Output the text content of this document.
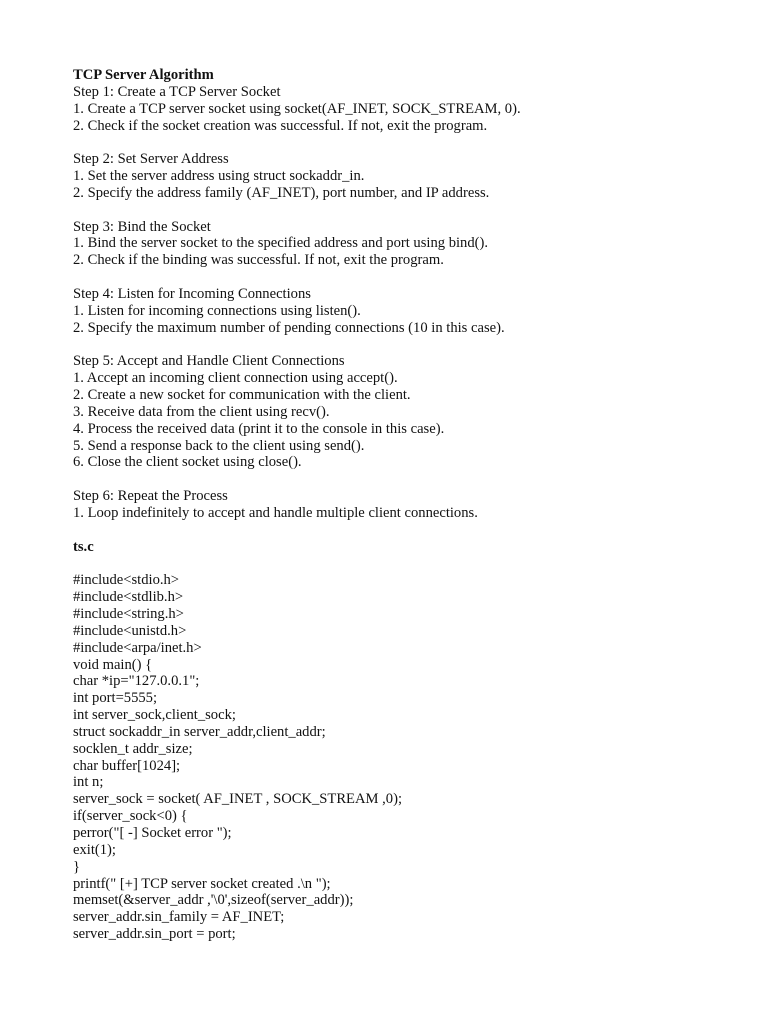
TCP Server Algorithm
Step 1: Create a TCP Server Socket
1. Create a TCP server socket using socket(AF_INET, SOCK_STREAM, 0).
2. Check if the socket creation was successful. If not, exit the program.
Step 2: Set Server Address
1. Set the server address using struct sockaddr_in.
2. Specify the address family (AF_INET), port number, and IP address.
Step 3: Bind the Socket
1. Bind the server socket to the specified address and port using bind().
2. Check if the binding was successful. If not, exit the program.
Step 4: Listen for Incoming Connections
1. Listen for incoming connections using listen().
2. Specify the maximum number of pending connections (10 in this case).
Step 5: Accept and Handle Client Connections
1. Accept an incoming client connection using accept().
2. Create a new socket for communication with the client.
3. Receive data from the client using recv().
4. Process the received data (print it to the console in this case).
5. Send a response back to the client using send().
6. Close the client socket using close().
Step 6: Repeat the Process
1. Loop indefinitely to accept and handle multiple client connections.
ts.c
#include<stdio.h>
#include<stdlib.h>
#include<string.h>
#include<unistd.h>
#include<arpa/inet.h>
void main() {
char *ip="127.0.0.1";
int port=5555;
int server_sock,client_sock;
struct sockaddr_in server_addr,client_addr;
socklen_t addr_size;
char buffer[1024];
int n;
server_sock = socket( AF_INET , SOCK_STREAM ,0);
if(server_sock<0) {
perror("[ -] Socket error ");
exit(1);
}
printf(" [+] TCP server socket created .\n ");
memset(&server_addr ,'\0',sizeof(server_addr));
server_addr.sin_family = AF_INET;
server_addr.sin_port = port;
